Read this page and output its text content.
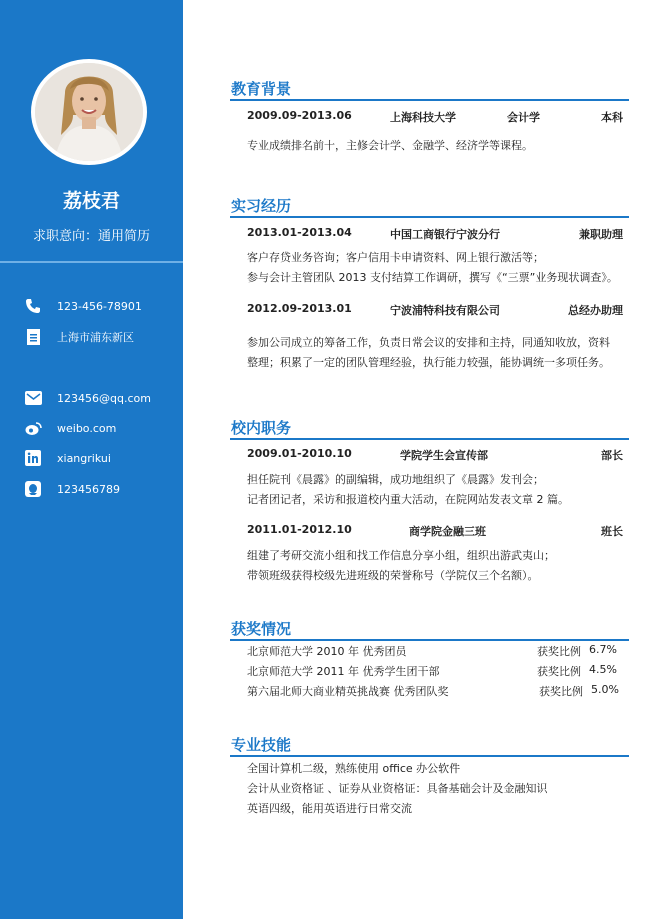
荔枝君
求职意向：通用简历
123-456-78901
上海市浦东新区
123456@qq.com
weibo.com
xiangrikui
123456789
教育背景
2009.09-2013.06	上海科技大学	会计学	本科
专业成绩排名前十，主修会计学、金融学、经济学等课程。
实习经历
2013.01-2013.04	中国工商银行宁波分行	兼职助理
客户存贷业务咨询；客户信用卡申请资料、网上银行激活等；
参与会计主管团队 2013 支付结算工作调研，撰写《“三票”业务现状调查》。
2012.09-2013.01	宁波浦特科技有限公司	总经办助理
参加公司成立的筹备工作，负责日常会议的安排和主持，同通知收放，资料
整理；积累了一定的团队管理经验，执行能力较强，能协调统一多项任务。
校内职务
2009.01-2010.10	学院学生会宣传部	部长
担任院刊《晨露》的副编辑，成功地组织了《晨露》发刊会；
记者团记者，采访和报道校内重大活动，在院网站发表文章 2 篇。
2011.01-2012.10	商学院金融三班	班长
组建了考研交流小组和找工作信息分享小组，组织出游武夷山；
带领班级获得校级先进班级的荣誉称号（学院仅三个名额）。
获奖情况
北京师范大学 2010 年 优秀团员	获奖比例 6.7%
北京师范大学 2011 年 优秀学生团干部	获奖比例 4.5%
第六届北师大商业精英挑战赛 优秀团队奖	获奖比例 5.0%
专业技能
全国计算机二级，熟练使用 office 办公软件
会计从业资格证 、证券从业资格证：具备基础会计及金融知识
英语四级，能用英语进行日常交流
